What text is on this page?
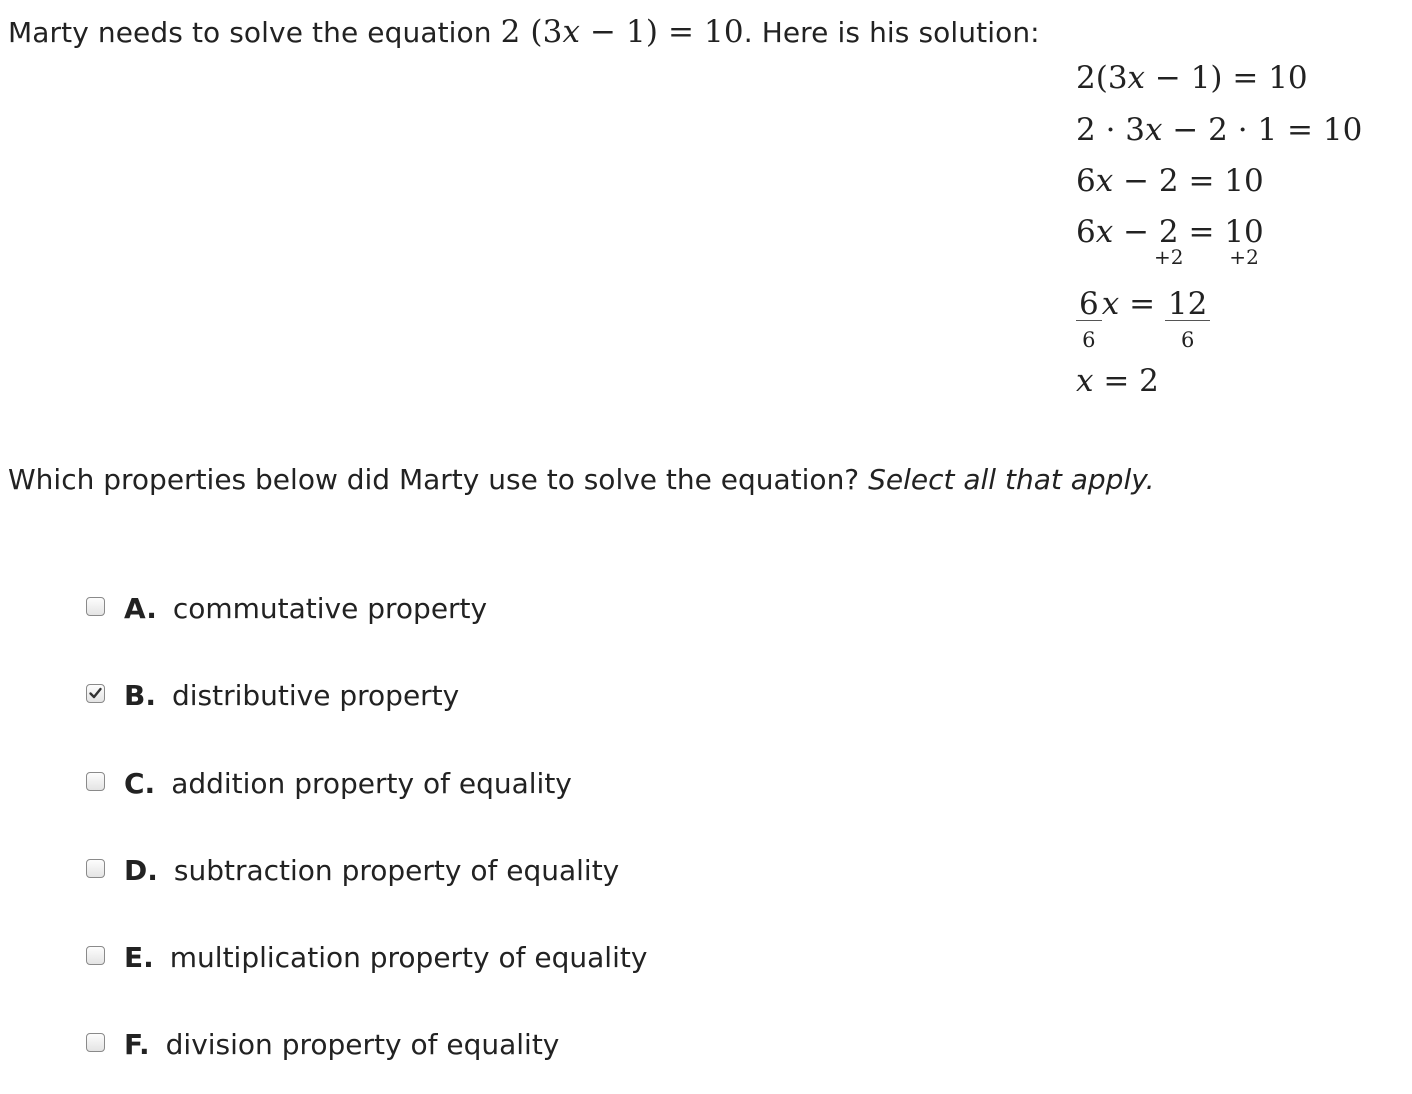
Marty needs to solve the equation 2 (3x − 1) = 10. Here is his solution:
2(3x − 1) = 10
2 · 3x − 2 · 1 = 10
6x − 2 = 10
6x − 2
+2
= 10
+2
6
6
x = 12
6
x = 2
Which properties below did Marty use to solve the equation? Select all that apply.
A. commutative property
B. distributive property
C. addition property of equality
D. subtraction property of equality
E. multiplication property of equality
F. division property of equality
